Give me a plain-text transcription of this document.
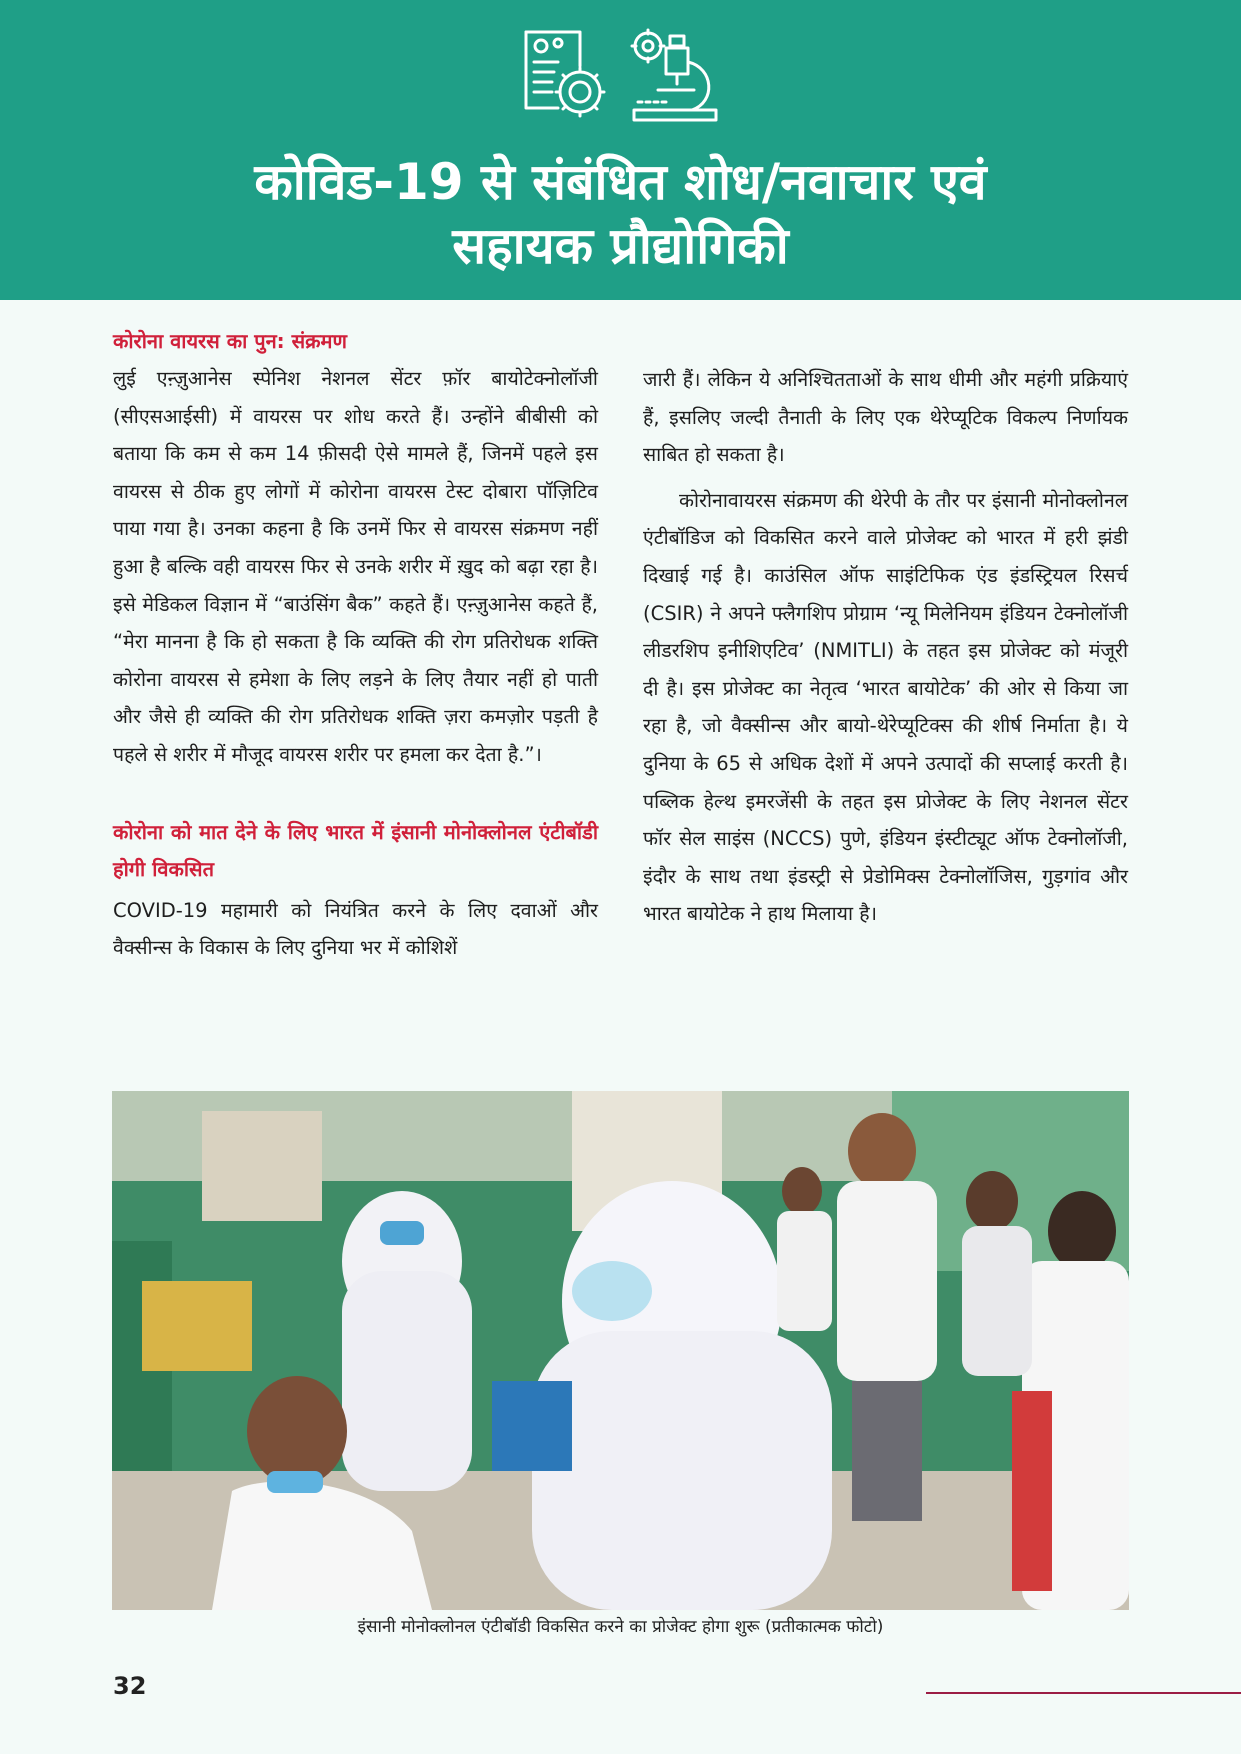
कोविड-19 से संबंधित शोध/नवाचार एवं
सहायक प्रौद्योगिकी

कोरोना वायरस का पुन: संक्रमण

लुई एऩ्ज़ुआनेस स्पेनिश नेशनल सेंटर फ़ॉर बायोटेक्नोलॉजी (सीएसआईसी) में वायरस पर शोध करते हैं। उन्होंने बीबीसी को बताया कि कम से कम 14 फ़ीसदी ऐसे मामले हैं, जिनमें पहले इस वायरस से ठीक हुए लोगों में कोरोना वायरस टेस्ट दोबारा पॉज़िटिव पाया गया है। उनका कहना है कि उनमें फिर से वायरस संक्रमण नहीं हुआ है बल्कि वही वायरस फिर से उनके शरीर में ख़ुद को बढ़ा रहा है। इसे मेडिकल विज्ञान में “बाउंसिंग बैक” कहते हैं। एऩ्ज़ुआनेस कहते हैं, “मेरा मानना है कि हो सकता है कि व्यक्ति की रोग प्रतिरोधक शक्ति कोरोना वायरस से हमेशा के लिए लड़ने के लिए तैयार नहीं हो पाती और जैसे ही व्यक्ति की रोग प्रतिरोधक शक्ति ज़रा कमज़ोर पड़ती है पहले से शरीर में मौजूद वायरस शरीर पर हमला कर देता है.”।

कोरोना को मात देने के लिए भारत में इंसानी मोनोक्लोनल एंटीबॉडी होगी विकसित

COVID-19 महामारी को नियंत्रित करने के लिए दवाओं और वैक्सीन्स के विकास के लिए दुनिया भर में कोशिशें

जारी हैं। लेकिन ये अनिश्चितताओं के साथ धीमी और महंगी प्रक्रियाएं हैं, इसलिए जल्दी तैनाती के लिए एक थेरेप्यूटिक विकल्प निर्णायक साबित हो सकता है।

कोरोनावायरस संक्रमण की थेरेपी के तौर पर इंसानी मोनोक्लोनल एंटीबॉडिज को विकसित करने वाले प्रोजेक्ट को भारत में हरी झंडी दिखाई गई है। काउंसिल ऑफ साइंटिफिक एंड इंडस्ट्रियल रिसर्च (CSIR) ने अपने फ्लैगशिप प्रोग्राम ‘न्यू मिलेनियम इंडियन टेक्नोलॉजी लीडरशिप इनीशिएटिव’ (NMITLI) के तहत इस प्रोजेक्ट को मंजूरी दी है। इस प्रोजेक्ट का नेतृत्व ‘भारत बायोटेक’ की ओर से किया जा रहा है, जो वैक्सीन्स और बायो-थेरेप्यूटिक्स की शीर्ष निर्माता है। ये दुनिया के 65 से अधिक देशों में अपने उत्पादों की सप्लाई करती है। पब्लिक हेल्थ इमरजेंसी के तहत इस प्रोजेक्ट के लिए नेशनल सेंटर फॉर सेल साइंस (NCCS) पुणे, इंडियन इंस्टीट्यूट ऑफ टेक्नोलॉजी, इंदौर के साथ तथा इंडस्ट्री से प्रेडोमिक्स टेक्नोलॉजिस, गुड़गांव और भारत बायोटेक ने हाथ मिलाया है।

इंसानी मोनोक्लोनल एंटीबॉडी विकसित करने का प्रोजेक्ट होगा शुरू (प्रतीकात्मक फोटो)
32
